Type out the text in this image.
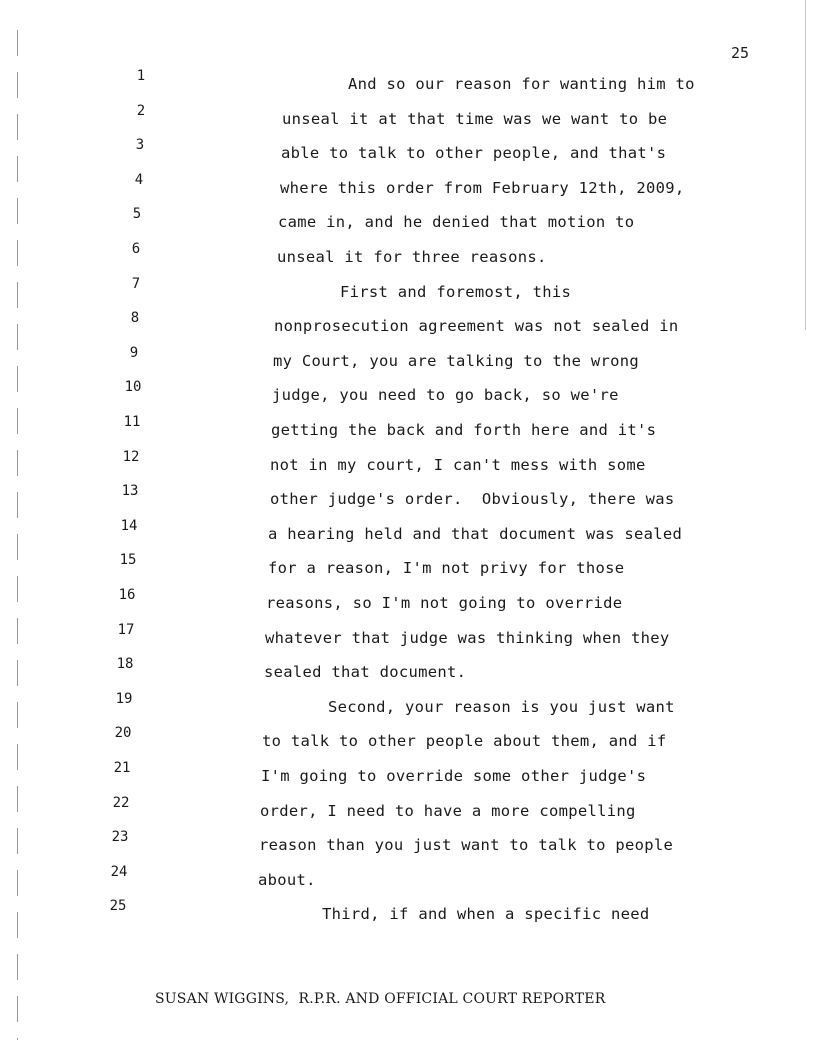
25
1	And so our reason for wanting him to
2	unseal it at that time was we want to be
3	able to talk to other people, and that's
4	where this order from February 12th, 2009,
5	came in, and he denied that motion to
6	unseal it for three reasons.
7	First and foremost, this
8	nonprosecution agreement was not sealed in
9	my Court, you are talking to the wrong
10	judge, you need to go back, so we're
11	getting the back and forth here and it's
12	not in my court, I can't mess with some
13	other judge's order.  Obviously, there was
14	a hearing held and that document was sealed
15	for a reason, I'm not privy for those
16	reasons, so I'm not going to override
17	whatever that judge was thinking when they
18	sealed that document.
19	Second, your reason is you just want
20	to talk to other people about them, and if
21	I'm going to override some other judge's
22	order, I need to have a more compelling
23	reason than you just want to talk to people
24	about.
25	Third, if and when a specific need
SUSAN WIGGINS,  R.P.R. AND OFFICIAL COURT REPORTER
